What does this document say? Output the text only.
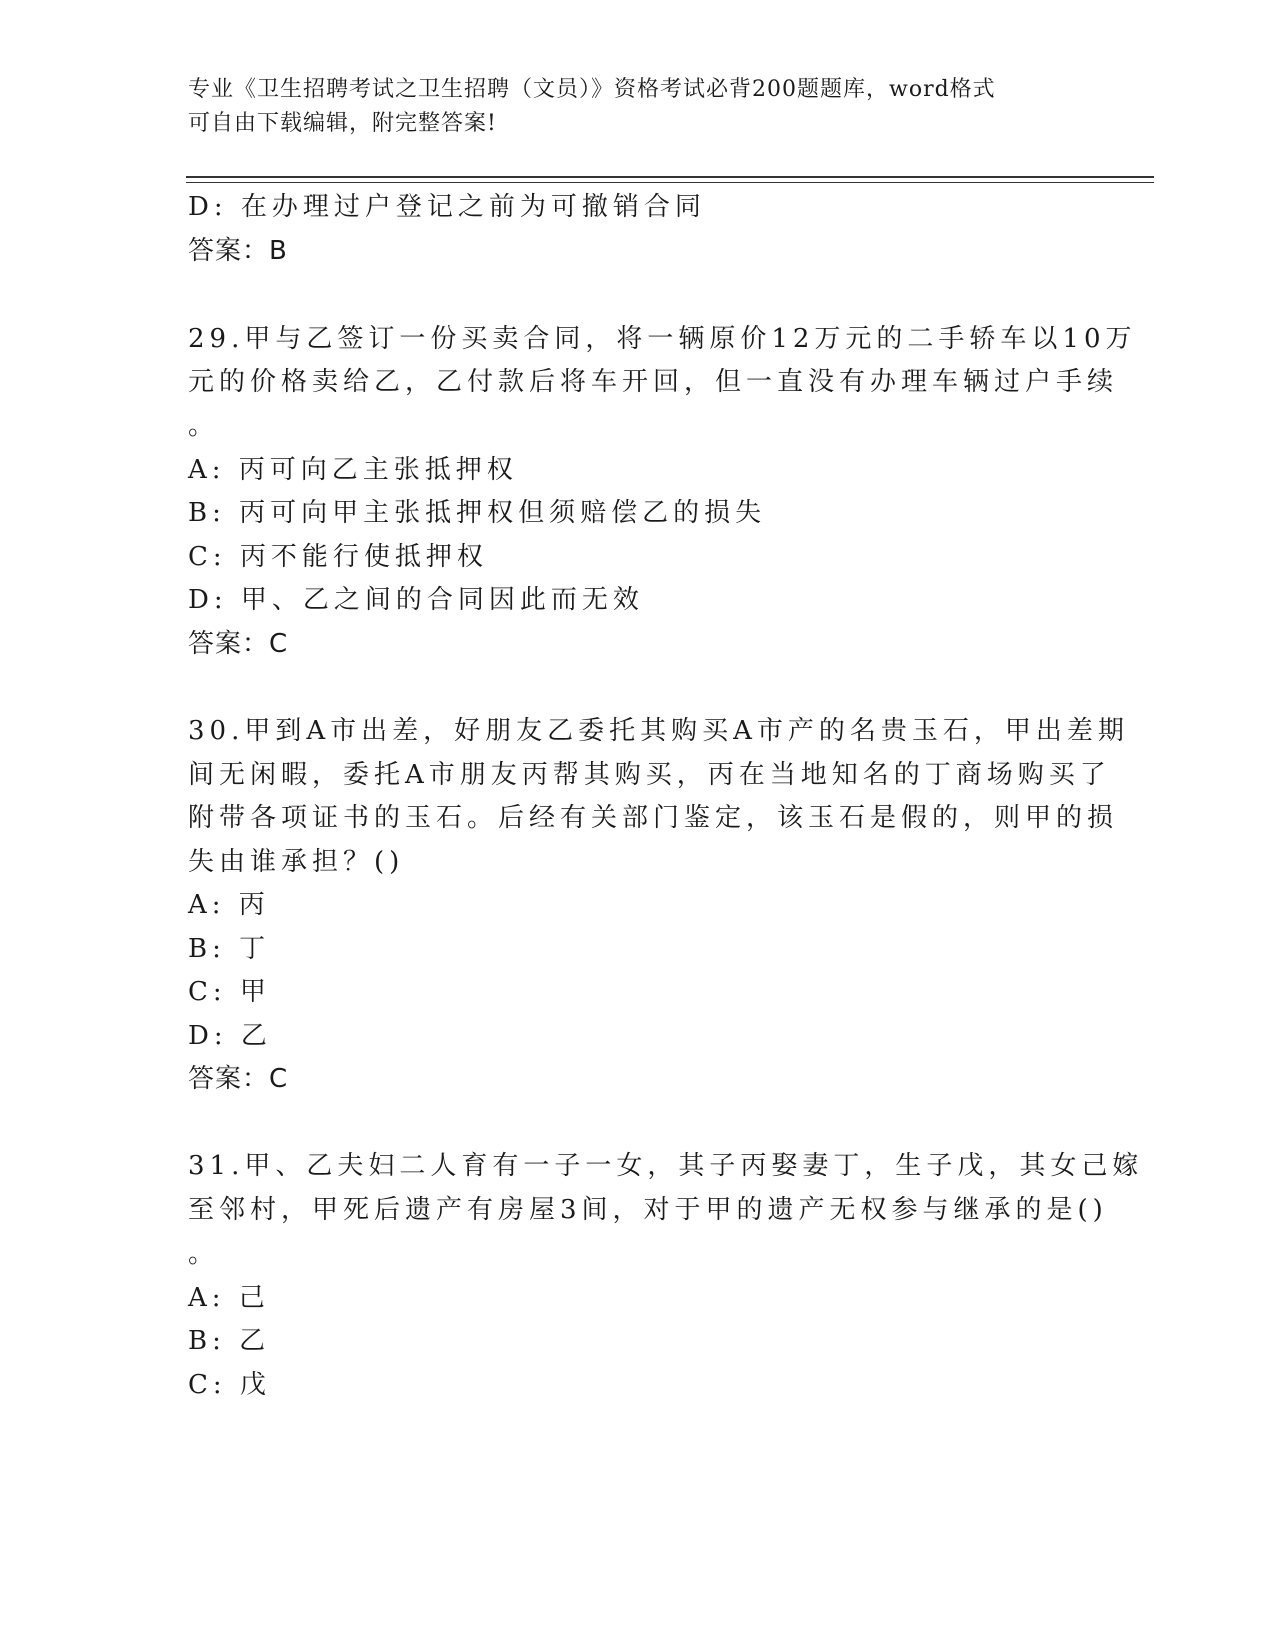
专业《卫生招聘考试之卫生招聘（文员）》资格考试必背200题题库，word格式
可自由下载编辑，附完整答案!
D: 在办理过户登记之前为可撤销合同
答案：B
29.甲与乙签订一份买卖合同，将一辆原价12万元的二手轿车以10万
元的价格卖给乙，乙付款后将车开回，但一直没有办理车辆过户手续
。
A: 丙可向乙主张抵押权
B: 丙可向甲主张抵押权但须赔偿乙的损失
C: 丙不能行使抵押权
D: 甲、乙之间的合同因此而无效
答案：C
30.甲到A市出差，好朋友乙委托其购买A市产的名贵玉石，甲出差期
间无闲暇，委托A市朋友丙帮其购买，丙在当地知名的丁商场购买了
附带各项证书的玉石。后经有关部门鉴定，该玉石是假的，则甲的损
失由谁承担？()
A: 丙
B: 丁
C: 甲
D: 乙
答案：C
31.甲、乙夫妇二人育有一子一女，其子丙娶妻丁，生子戊，其女己嫁
至邻村，甲死后遗产有房屋3间，对于甲的遗产无权参与继承的是()
。
A: 己
B: 乙
C: 戊
